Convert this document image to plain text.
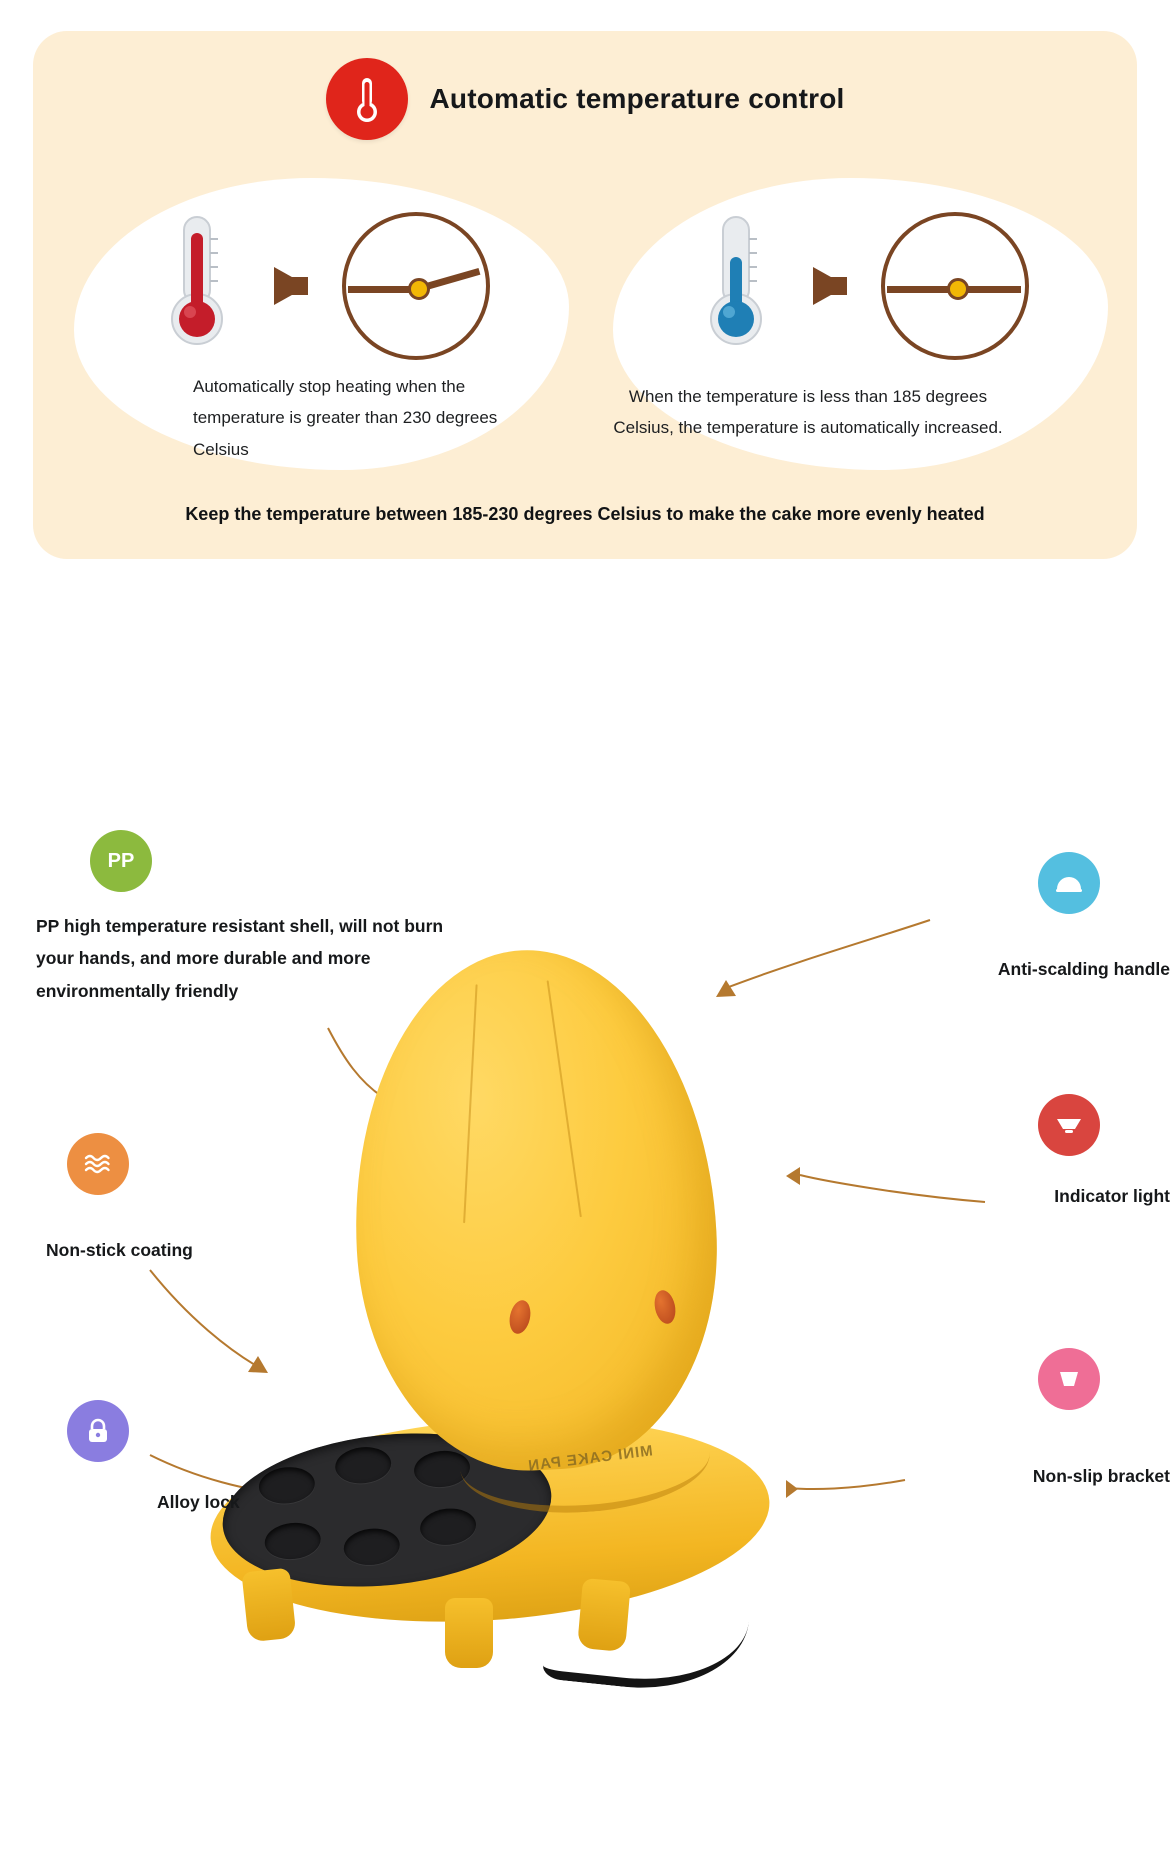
Automatic temperature control
Automatically stop heating when the temperature is greater than 230 degrees Celsius
When the temperature is less than 185 degrees Celsius, the temperature is automatically increased.
Keep the temperature between 185-230 degrees Celsius to make the cake more evenly heated
MINI CAKE PAN
PP
PP high temperature resistant shell, will not burn your hands, and more durable and more environmentally friendly
Anti-scalding handle
Non-stick coating
Indicator light
Alloy lock
Non-slip bracket
